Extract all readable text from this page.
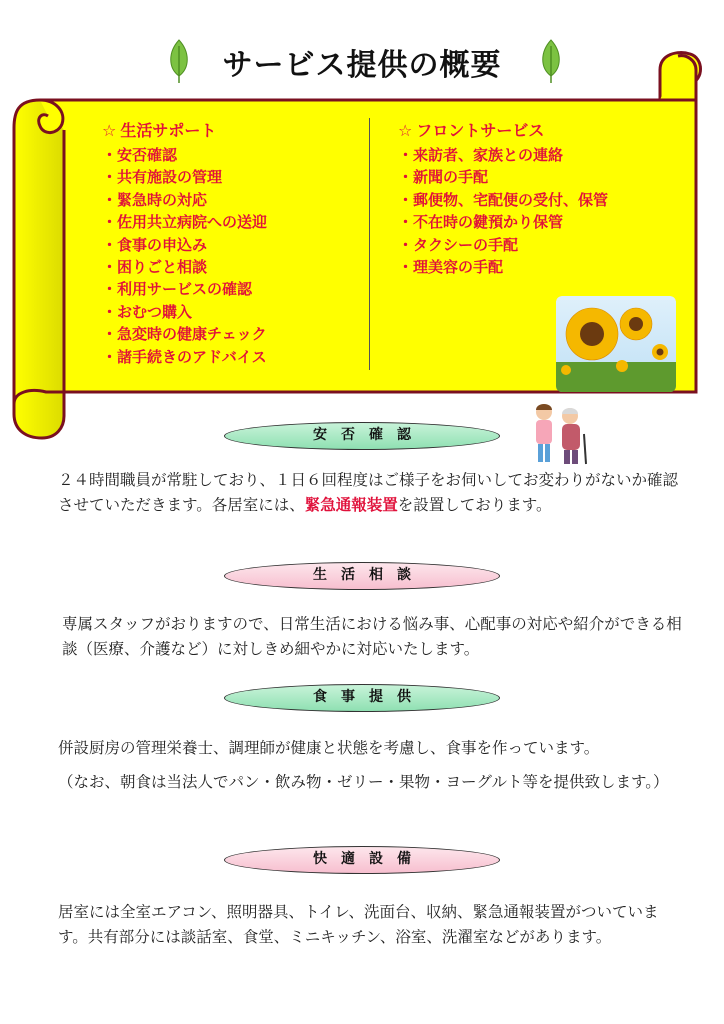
サービス提供の概要
☆ 生活サポート
・ 安否確認
・ 共有施設の管理
・ 緊急時の対応
・ 佐用共立病院への送迎
・ 食事の申込み
・ 困りごと相談
・ 利用サービスの確認
・ おむつ購入
・ 急変時の健康チェック
・ 諸手続きのアドバイス
☆ フロントサービス
・ 来訪者、家族との連絡
・ 新聞の手配
・ 郵便物、宅配便の受付、保管
・ 不在時の鍵預かり保管
・ タクシーの手配
・ 理美容の手配
安否確認

２４時間職員が常駐しており、１日６回程度はご様子をお伺いしてお変わりがないか確認させていただきます。各居室には、緊急通報装置を設置しております。

生活相談

専属スタッフがおりますので、日常生活における悩み事、心配事の対応や紹介ができる相談（医療、介護など）に対しきめ細やかに対応いたします。

食事提供

併設厨房の管理栄養士、調理師が健康と状態を考慮し、食事を作っています。

（なお、朝食は当法人でパン・飲み物・ゼリー・果物・ヨーグルト等を提供致します。）

快適設備

居室には全室エアコン、照明器具、トイレ、洗面台、収納、緊急通報装置がついています。共有部分には談話室、食堂、ミニキッチン、浴室、洗濯室などがあります。
